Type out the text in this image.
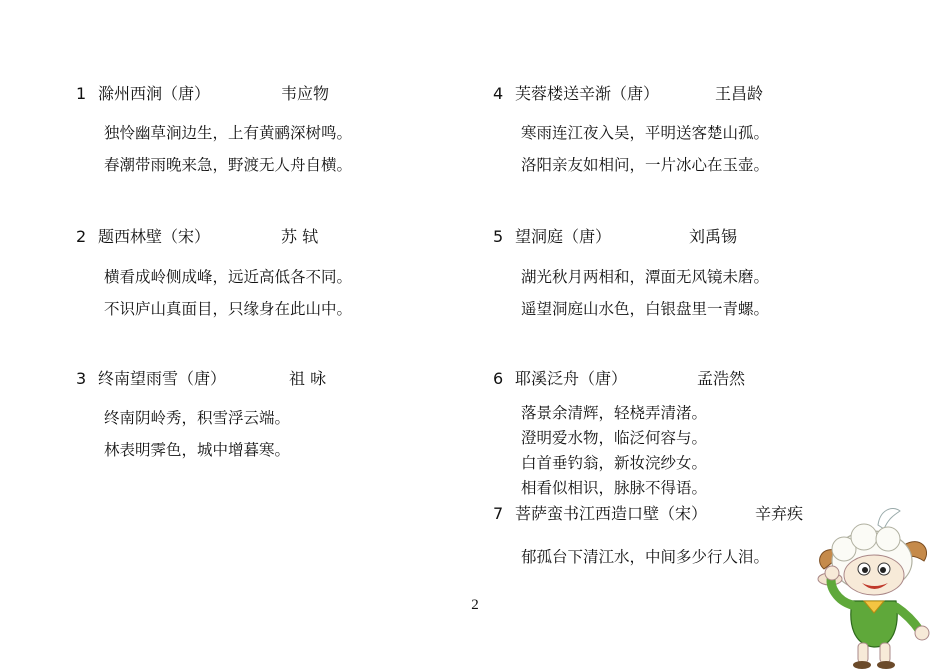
1 滁州西涧（唐）	韦应物
独怜幽草涧边生，上有黄鹂深树鸣。
春潮带雨晚来急，野渡无人舟自横。
2 题西林壁（宋）	苏 轼
横看成岭侧成峰，远近高低各不同。
不识庐山真面目，只缘身在此山中。
3 终南望雨雪（唐）	祖 咏
终南阴岭秀，积雪浮云端。
林表明霁色，城中增暮寒。
4 芙蓉楼送辛渐（唐）	王昌龄
寒雨连江夜入吴，平明送客楚山孤。
洛阳亲友如相问，一片冰心在玉壶。
5 望洞庭（唐）	刘禹锡
湖光秋月两相和，潭面无风镜未磨。
遥望洞庭山水色，白银盘里一青螺。
6 耶溪泛舟（唐）	孟浩然
落景余清辉，轻桡弄清渚。
澄明爱水物，临泛何容与。
白首垂钓翁，新妆浣纱女。
相看似相识，脉脉不得语。
7 菩萨蛮书江西造口壁（宋）	辛弃疾
郁孤台下清江水，中间多少行人泪。
2
